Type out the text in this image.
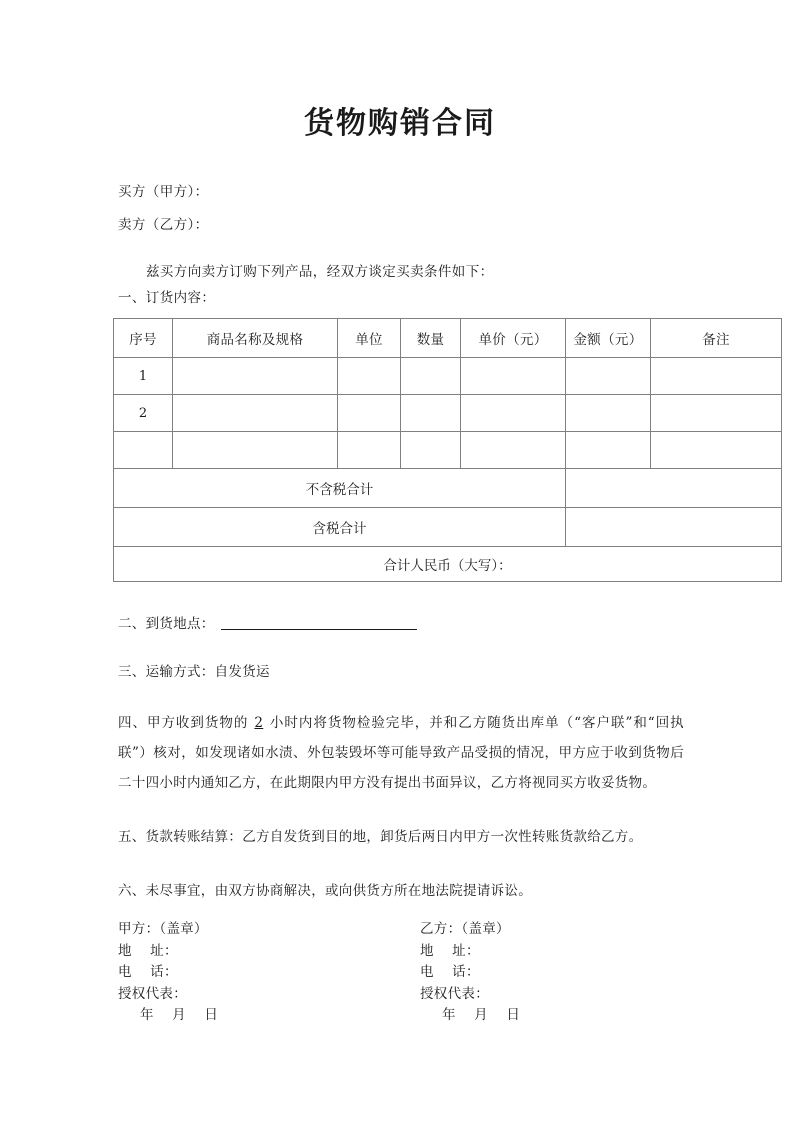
货物购销合同
买方（甲方）：
卖方（乙方）：
兹买方向卖方订购下列产品，经双方谈定买卖条件如下：
一、订货内容：
序号	商品名称及规格	单位	数量	单价（元）	金额（元）	备注
1						
2						

不含税合计						
含税合计						
合计人民币（大写）：						
二、到货地点：
三、运输方式：自发货运
四、甲方收到货物的 2 小时内将货物检验完毕，并和乙方随货出库单（“客户联”和“回执联”）核对，如发现诸如水渍、外包装毁坏等可能导致产品受损的情况，甲方应于收到货物后二十四小时内通知乙方，在此期限内甲方没有提出书面异议，乙方将视同买方收妥货物。
五、货款转账结算：乙方自发货到目的地，卸货后两日内甲方一次性转账货款给乙方。
六、未尽事宜，由双方协商解决，或向供货方所在地法院提请诉讼。
甲方：（盖章）
地    址：
电    话：
授权代表：
年    月    日
乙方：（盖章）
地    址：
电    话：
授权代表：
年    月    日
